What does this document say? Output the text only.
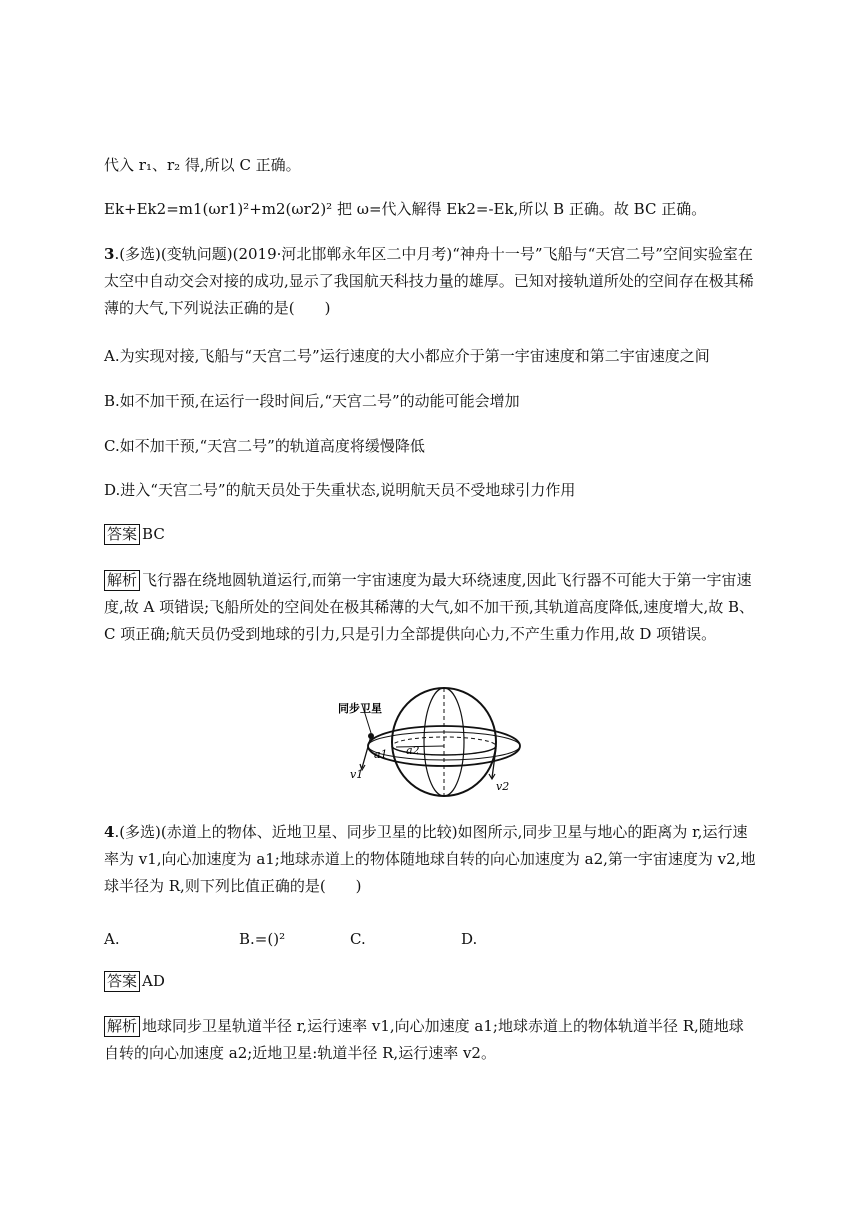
代入 r₁、r₂ 得,所以 C 正确。
Ek+Ek2=m1(ωr1)²+m2(ωr2)² 把 ω=代入解得 Ek2=-Ek,所以 B 正确。故 BC 正确。
3.(多选)(变轨问题)(2019·河北邯郸永年区二中月考)“神舟十一号”飞船与“天宫二号”空间实验室在太空中自动交会对接的成功,显示了我国航天科技力量的雄厚。已知对接轨道所处的空间存在极其稀薄的大气,下列说法正确的是(　　)
A.为实现对接,飞船与“天宫二号”运行速度的大小都应介于第一宇宙速度和第二宇宙速度之间
B.如不加干预,在运行一段时间后,“天宫二号”的动能可能会增加
C.如不加干预,“天宫二号”的轨道高度将缓慢降低
D.进入“天宫二号”的航天员处于失重状态,说明航天员不受地球引力作用
答案 BC
解析 飞行器在绕地圆轨道运行,而第一宇宙速度为最大环绕速度,因此飞行器不可能大于第一宇宙速度,故 A 项错误;飞船所处的空间处在极其稀薄的大气,如不加干预,其轨道高度降低,速度增大,故 B、C 项正确;航天员仍受到地球的引力,只是引力全部提供向心力,不产生重力作用,故 D 项错误。
同步卫星
a1 a2
v1
v2
4.(多选)(赤道上的物体、近地卫星、同步卫星的比较)如图所示,同步卫星与地心的距离为 r,运行速率为 v1,向心加速度为 a1;地球赤道上的物体随地球自转的向心加速度为 a2,第一宇宙速度为 v2,地球半径为 R,则下列比值正确的是(　　)
A.	B.=()²	C.	D.
答案 AD
解析 地球同步卫星轨道半径 r,运行速率 v1,向心加速度 a1;地球赤道上的物体轨道半径 R,随地球自转的向心加速度 a2;近地卫星:轨道半径 R,运行速率 v2。
